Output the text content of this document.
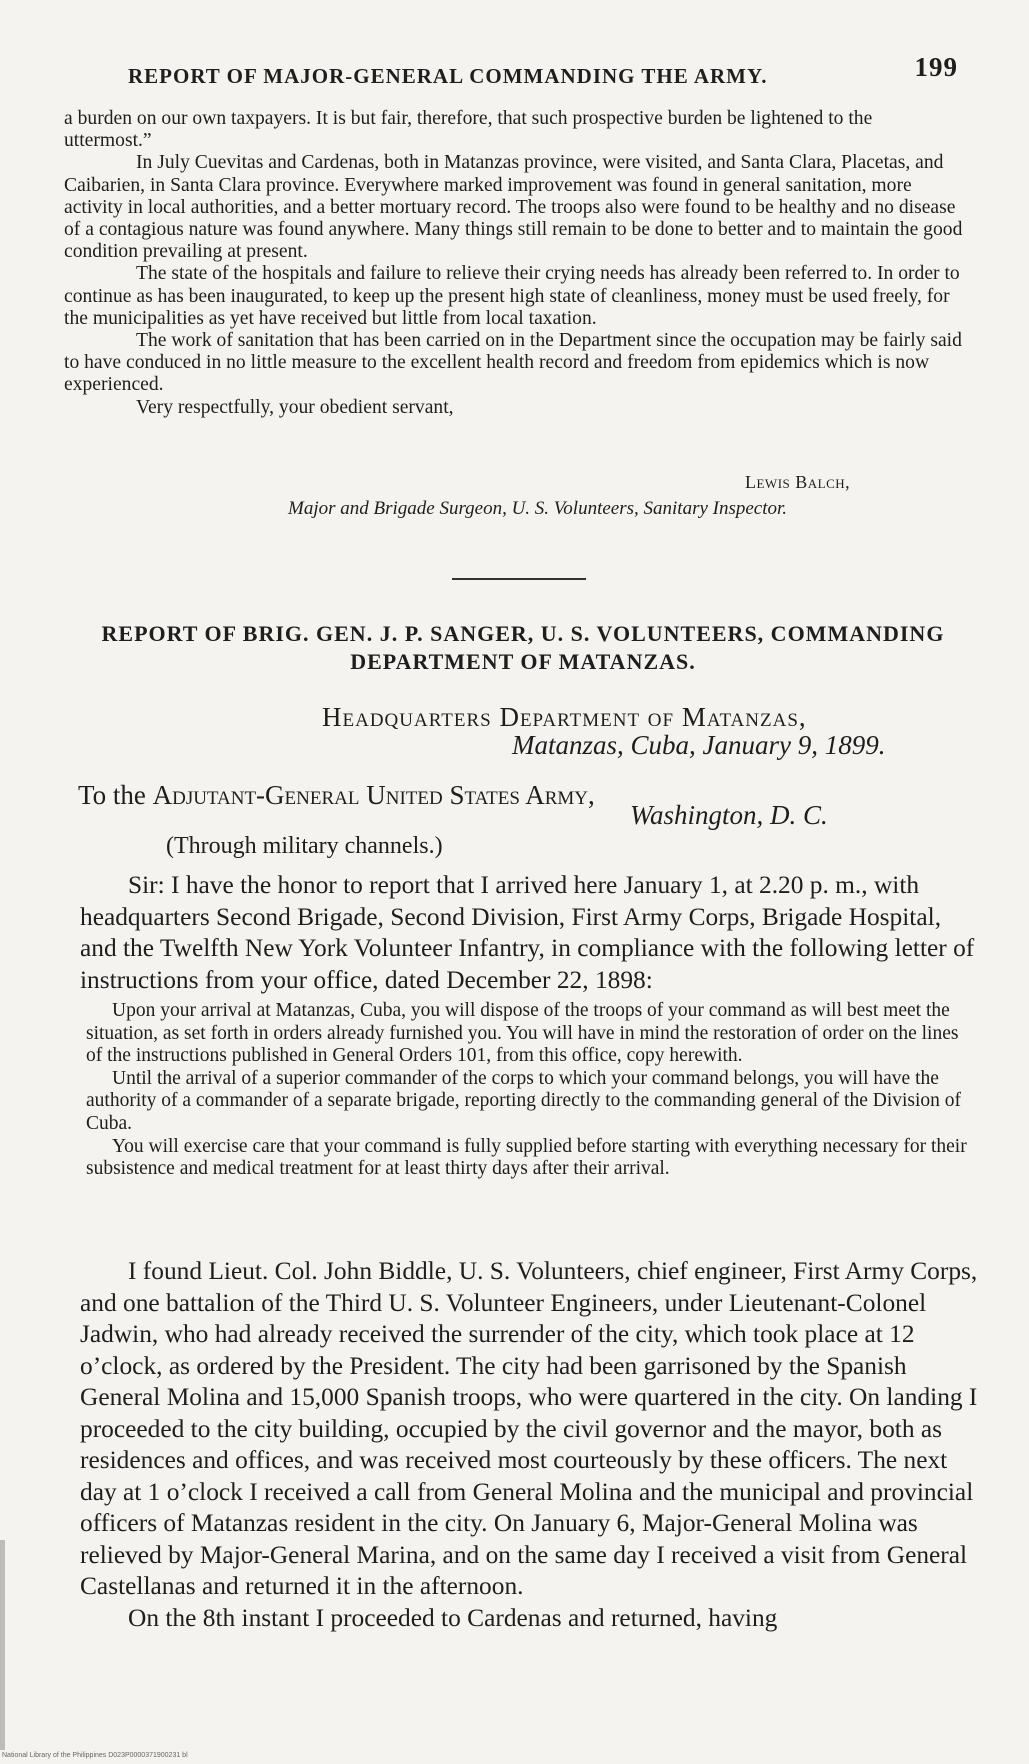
REPORT OF MAJOR-GENERAL COMMANDING THE ARMY.	199

a burden on our own taxpayers. It is but fair, therefore, that such prospective burden be lightened to the uttermost.”

In July Cuevitas and Cardenas, both in Matanzas province, were visited, and Santa Clara, Placetas, and Caibarien, in Santa Clara province. Everywhere marked improvement was found in general sanitation, more activity in local authorities, and a better mortuary record. The troops also were found to be healthy and no disease of a contagious nature was found anywhere. Many things still remain to be done to better and to maintain the good condition prevailing at present.

The state of the hospitals and failure to relieve their crying needs has already been referred to. In order to continue as has been inaugurated, to keep up the present high state of cleanliness, money must be used freely, for the municipalities as yet have received but little from local taxation.

The work of sanitation that has been carried on in the Department since the occupation may be fairly said to have conduced in no little measure to the excellent health record and freedom from epidemics which is now experienced.

Very respectfully, your obedient servant,

Lewis Balch,
Major and Brigade Surgeon, U. S. Volunteers, Sanitary Inspector.
REPORT OF BRIG. GEN. J. P. SANGER, U. S. VOLUNTEERS, COMMANDING DEPARTMENT OF MATANZAS.
Headquarters Department of Matanzas,
Matanzas, Cuba, January 9, 1899.
To the Adjutant-General United States Army,
Washington, D. C.
(Through military channels.)

Sir: I have the honor to report that I arrived here January 1, at 2.20 p. m., with headquarters Second Brigade, Second Division, First Army Corps, Brigade Hospital, and the Twelfth New York Volunteer Infantry, in compliance with the following letter of instructions from your office, dated December 22, 1898:

Upon your arrival at Matanzas, Cuba, you will dispose of the troops of your command as will best meet the situation, as set forth in orders already furnished you. You will have in mind the restoration of order on the lines of the instructions published in General Orders 101, from this office, copy herewith.

Until the arrival of a superior commander of the corps to which your command belongs, you will have the authority of a commander of a separate brigade, reporting directly to the commanding general of the Division of Cuba.

You will exercise care that your command is fully supplied before starting with everything necessary for their subsistence and medical treatment for at least thirty days after their arrival.

I found Lieut. Col. John Biddle, U. S. Volunteers, chief engineer, First Army Corps, and one battalion of the Third U. S. Volunteer Engineers, under Lieutenant-Colonel Jadwin, who had already received the surrender of the city, which took place at 12 o’clock, as ordered by the President. The city had been garrisoned by the Spanish General Molina and 15,000 Spanish troops, who were quartered in the city. On landing I proceeded to the city building, occupied by the civil governor and the mayor, both as residences and offices, and was received most courteously by these officers. The next day at 1 o’clock I received a call from General Molina and the municipal and provincial officers of Matanzas resident in the city. On January 6, Major-General Molina was relieved by Major-General Marina, and on the same day I received a visit from General Castellanas and returned it in the afternoon.

On the 8th instant I proceeded to Cardenas and returned, having

National Library of the Philippines D023P0000371900231 bl
